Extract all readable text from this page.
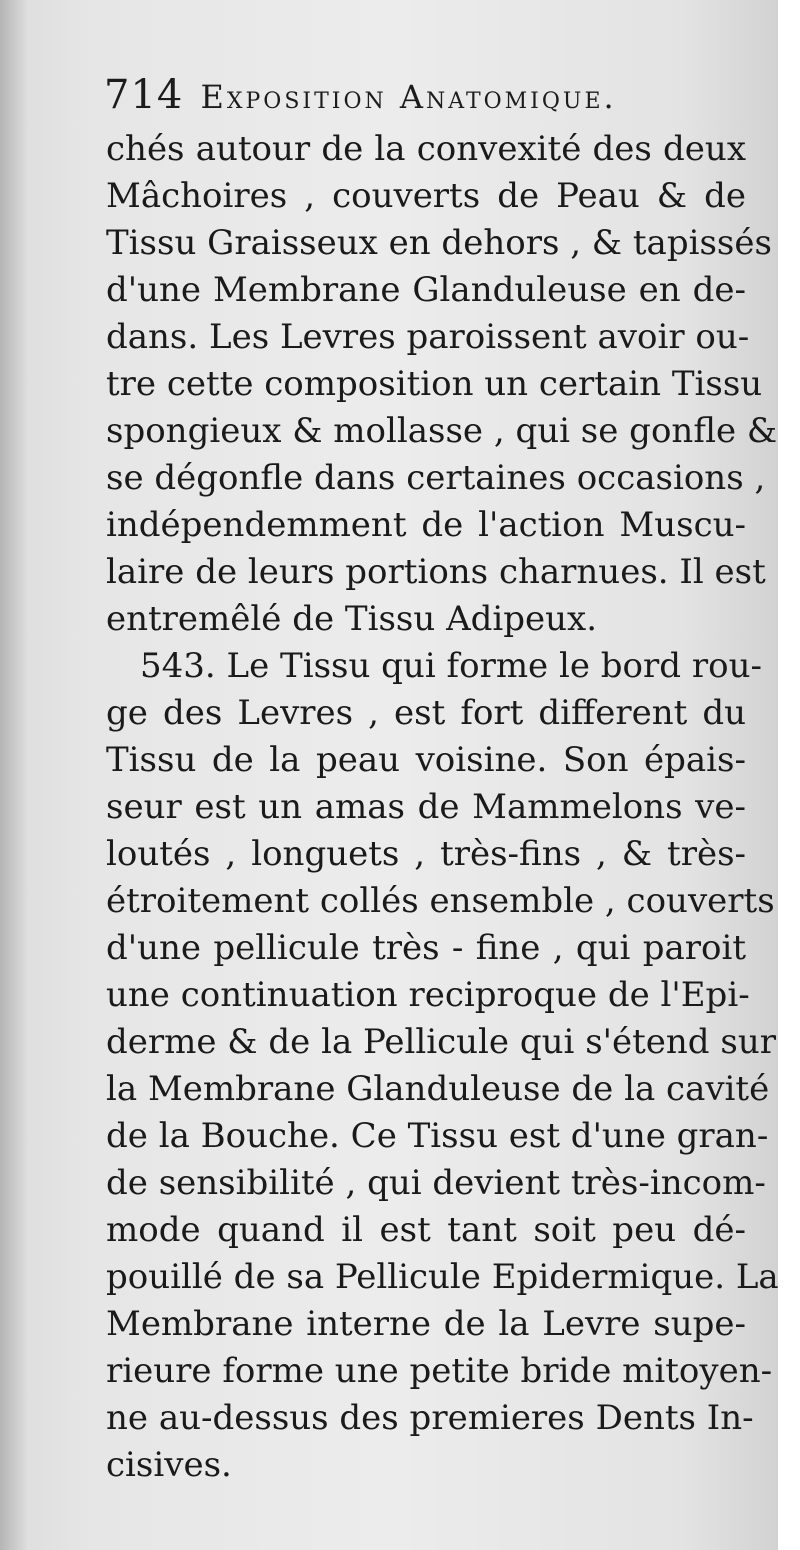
714 Exposition Anatomique.
chés autour de la convexité des deux
Mâchoires , couverts de Peau & de
Tissu Graisseux en dehors , & tapissés
d'une Membrane Glanduleuse en de-
dans. Les Levres paroissent avoir ou-
tre cette composition un certain Tissu
spongieux & mollasse , qui se gonfle &
se dégonfle dans certaines occasions ,
indépendemment de l'action Muscu-
laire de leurs portions charnues. Il est
entremêlé de Tissu Adipeux.
543. Le Tissu qui forme le bord rou-
ge des Levres , est fort different du
Tissu de la peau voisine. Son épais-
seur est un amas de Mammelons ve-
loutés , longuets , très-fins , & très-
étroitement collés ensemble , couverts
d'une pellicule très - fine , qui paroit
une continuation reciproque de l'Epi-
derme & de la Pellicule qui s'étend sur
la Membrane Glanduleuse de la cavité
de la Bouche. Ce Tissu est d'une gran-
de sensibilité , qui devient très-incom-
mode quand il est tant soit peu dé-
pouillé de sa Pellicule Epidermique. La
Membrane interne de la Levre supe-
rieure forme une petite bride mitoyen-
ne au-dessus des premieres Dents In-
cisives.
